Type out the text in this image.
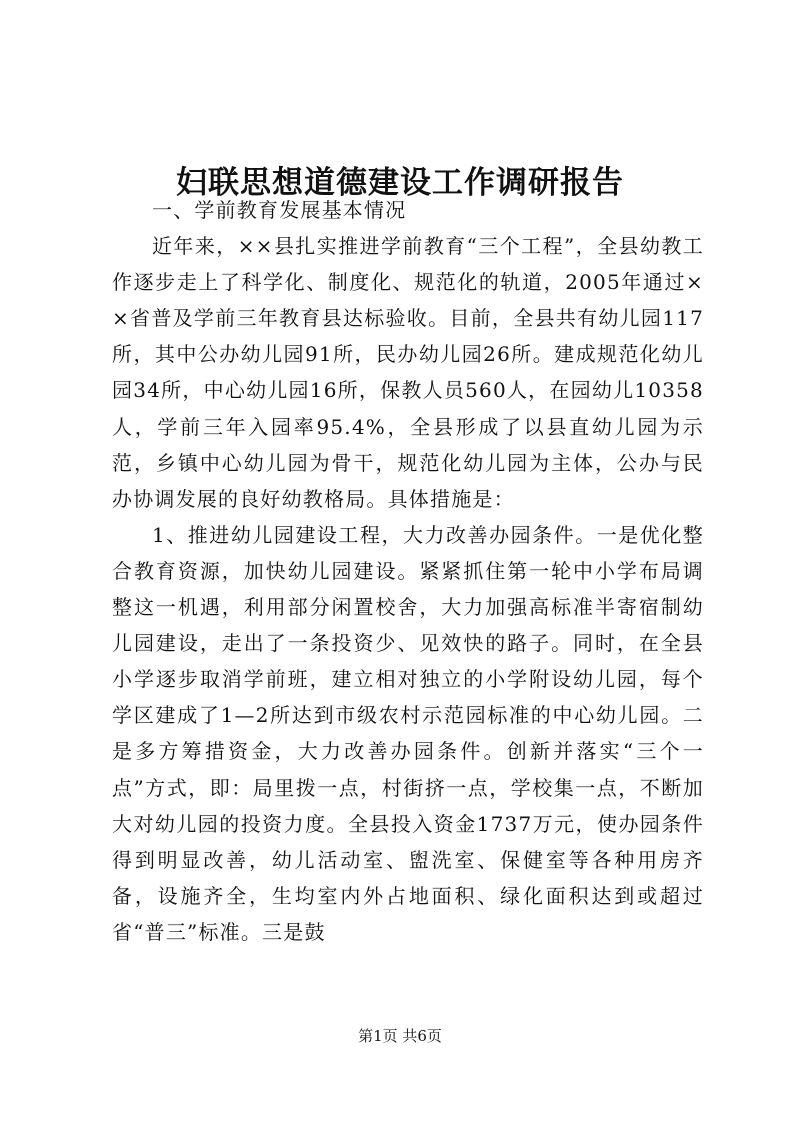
妇联思想道德建设工作调研报告

一、学前教育发展基本情况

近年来，××县扎实推进学前教育“三个工程”，全县幼教工作逐步走上了科学化、制度化、规范化的轨道，2005年通过××省普及学前三年教育县达标验收。目前，全县共有幼儿园117所，其中公办幼儿园91所，民办幼儿园26所。建成规范化幼儿园34所，中心幼儿园16所，保教人员560人，在园幼儿10358人，学前三年入园率95.4%，全县形成了以县直幼儿园为示范，乡镇中心幼儿园为骨干，规范化幼儿园为主体，公办与民办协调发展的良好幼教格局。具体措施是：

1、推进幼儿园建设工程，大力改善办园条件。一是优化整合教育资源，加快幼儿园建设。紧紧抓住第一轮中小学布局调整这一机遇，利用部分闲置校舍，大力加强高标准半寄宿制幼儿园建设，走出了一条投资少、见效快的路子。同时，在全县小学逐步取消学前班，建立相对独立的小学附设幼儿园，每个学区建成了1—2所达到市级农村示范园标准的中心幼儿园。二是多方筹措资金，大力改善办园条件。创新并落实“三个一点”方式，即：局里拨一点，村街挤一点，学校集一点，不断加大对幼儿园的投资力度。全县投入资金1737万元，使办园条件得到明显改善，幼儿活动室、盥洗室、保健室等各种用房齐备，设施齐全，生均室内外占地面积、绿化面积达到或超过省“普三”标准。三是鼓

第1页 共6页
